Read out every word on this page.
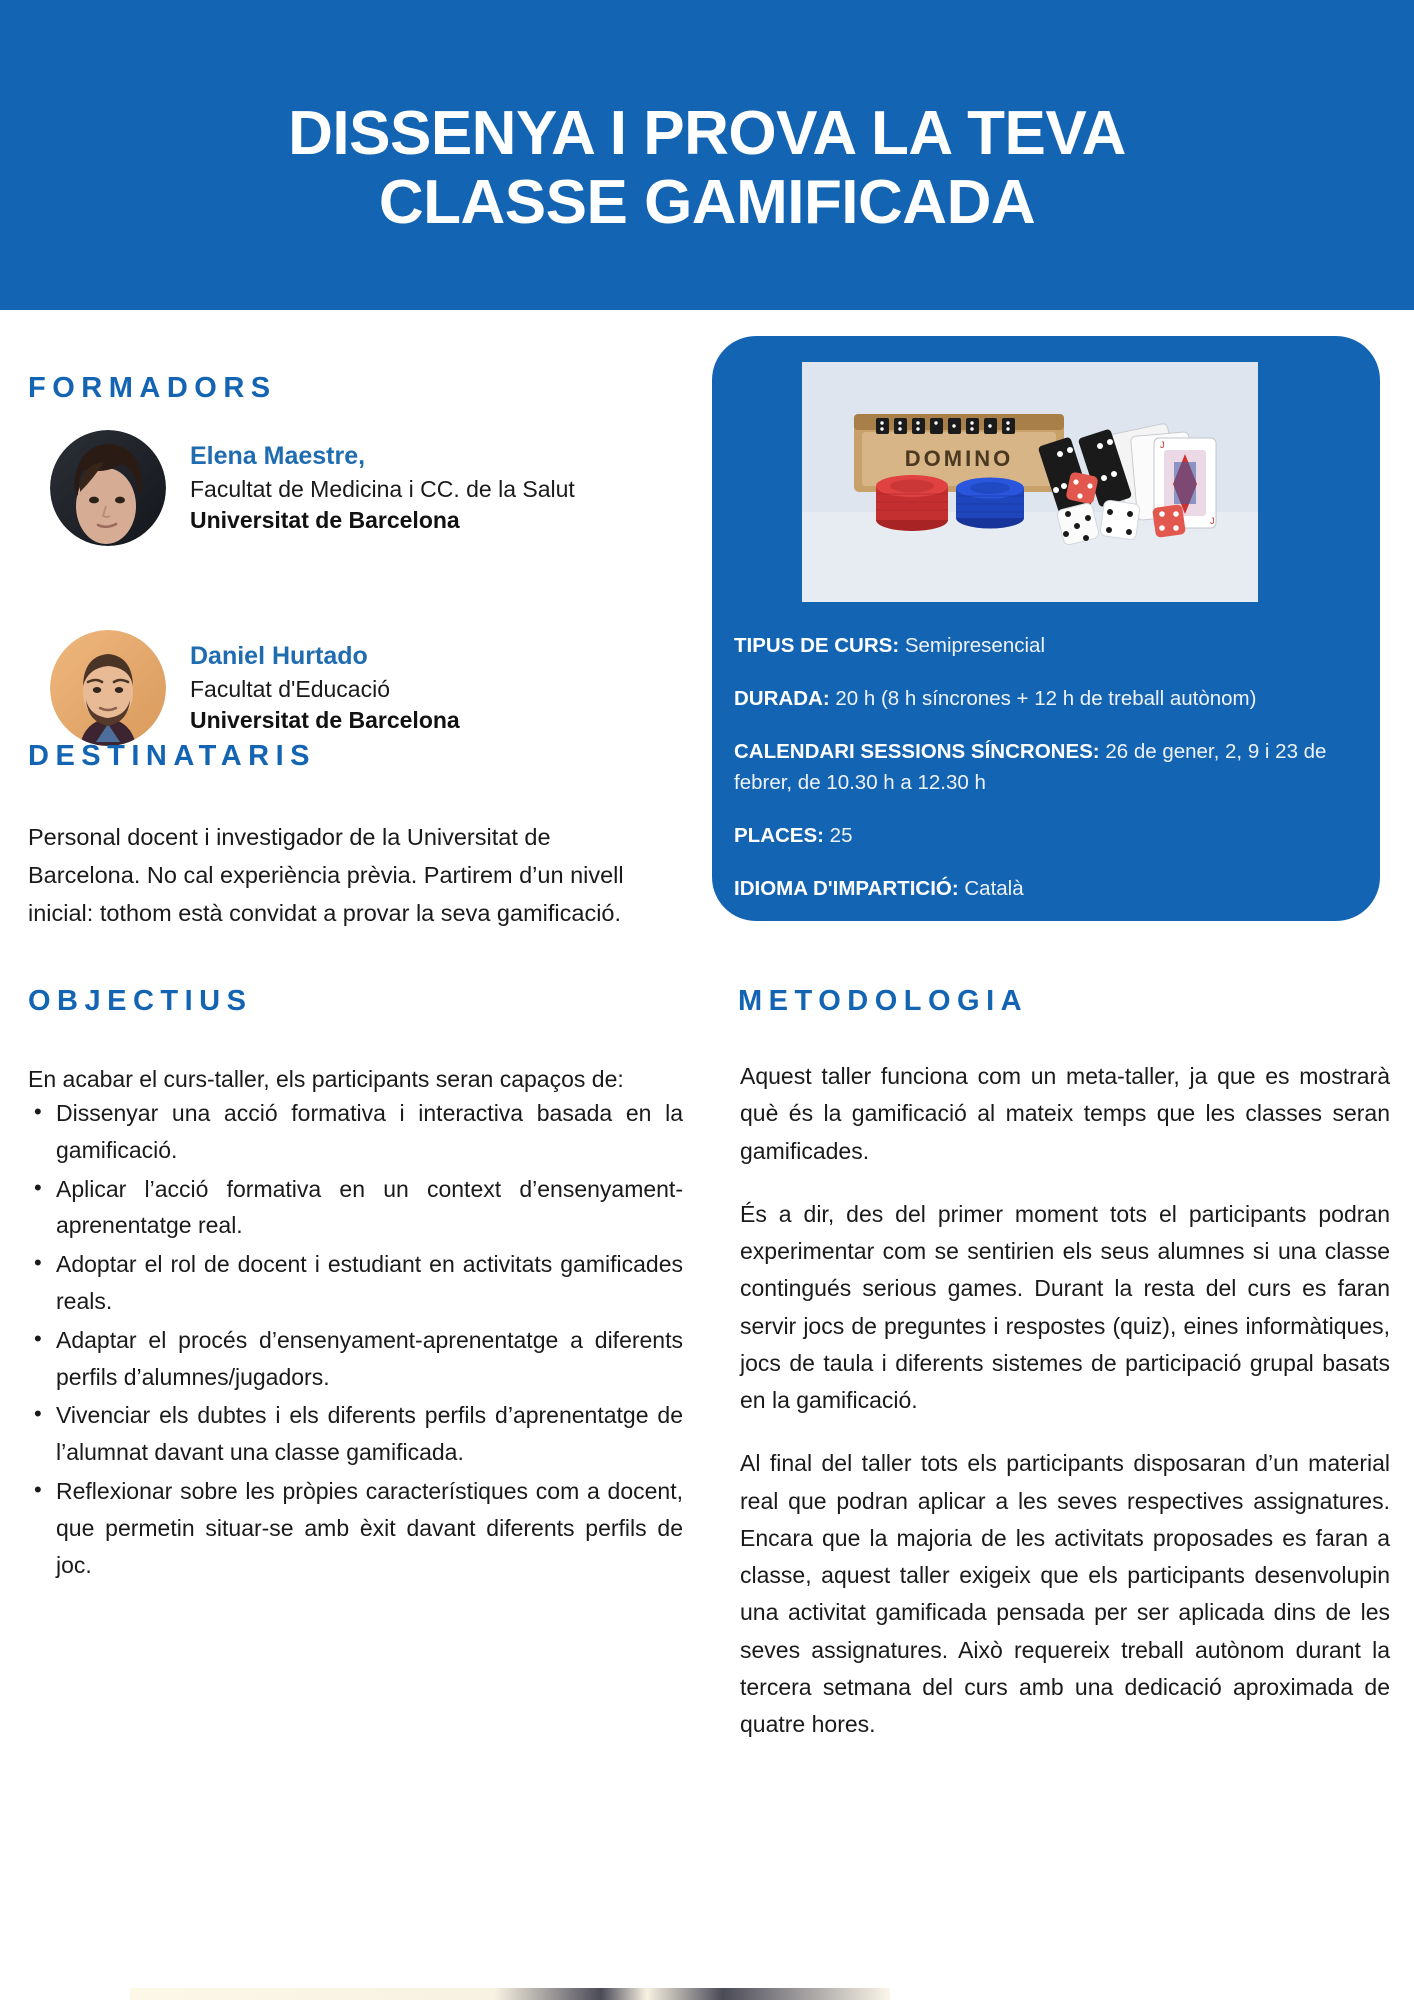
DISSENYA I PROVA LA TEVA
CLASSE GAMIFICADA
FORMADORS
Elena Maestre,
Facultat de Medicina i CC. de la Salut
Universitat de Barcelona
Daniel Hurtado
Facultat d'Educació
Universitat de Barcelona
DESTINATARIS
Personal docent i investigador de la Universitat de Barcelona. No cal experiència prèvia. Partirem d’un nivell inicial: tothom està convidat a provar la seva gamificació.
OBJECTIUS
En acabar el curs-taller, els participants seran capaços de:
• Dissenyar una acció formativa i interactiva basada en la gamificació.
• Aplicar l’acció formativa en un context d’ensenyament-aprenentatge real.
• Adoptar el rol de docent i estudiant en activitats gamificades reals.
• Adaptar el procés d’ensenyament-aprenentatge a diferents perfils d’alumnes/jugadors.
• Vivenciar els dubtes i els diferents perfils d’aprenentatge de l’alumnat davant una classe gamificada.
• Reflexionar sobre les pròpies característiques com a docent, que permetin situar-se amb èxit davant diferents perfils de joc.
DOMINO
J
J
TIPUS DE CURS: Semipresencial
DURADA: 20 h (8 h síncrones + 12 h de treball autònom)
CALENDARI SESSIONS SÍNCRONES: 26 de gener, 2, 9 i 23 de febrer, de 10.30 h a 12.30 h
PLACES: 25
IDIOMA D'IMPARTICIÓ: Català
METODOLOGIA

Aquest taller funciona com un meta-taller, ja que es mostrarà què és la gamificació al mateix temps que les classes seran gamificades.

És a dir, des del primer moment tots el participants podran experimentar com se sentirien els seus alumnes si una classe contingués serious games. Durant la resta del curs es faran servir jocs de preguntes i respostes (quiz), eines informàtiques, jocs de taula i diferents sistemes de participació grupal basats en la gamificació.

Al final del taller tots els participants disposaran d’un material real que podran aplicar a les seves respectives assignatures. Encara que la majoria de les activitats proposades es faran a classe, aquest taller exigeix que els participants desenvolupin una activitat gamificada pensada per ser aplicada dins de les seves assignatures. Això requereix treball autònom durant la tercera setmana del curs amb una dedicació aproximada de quatre hores.
